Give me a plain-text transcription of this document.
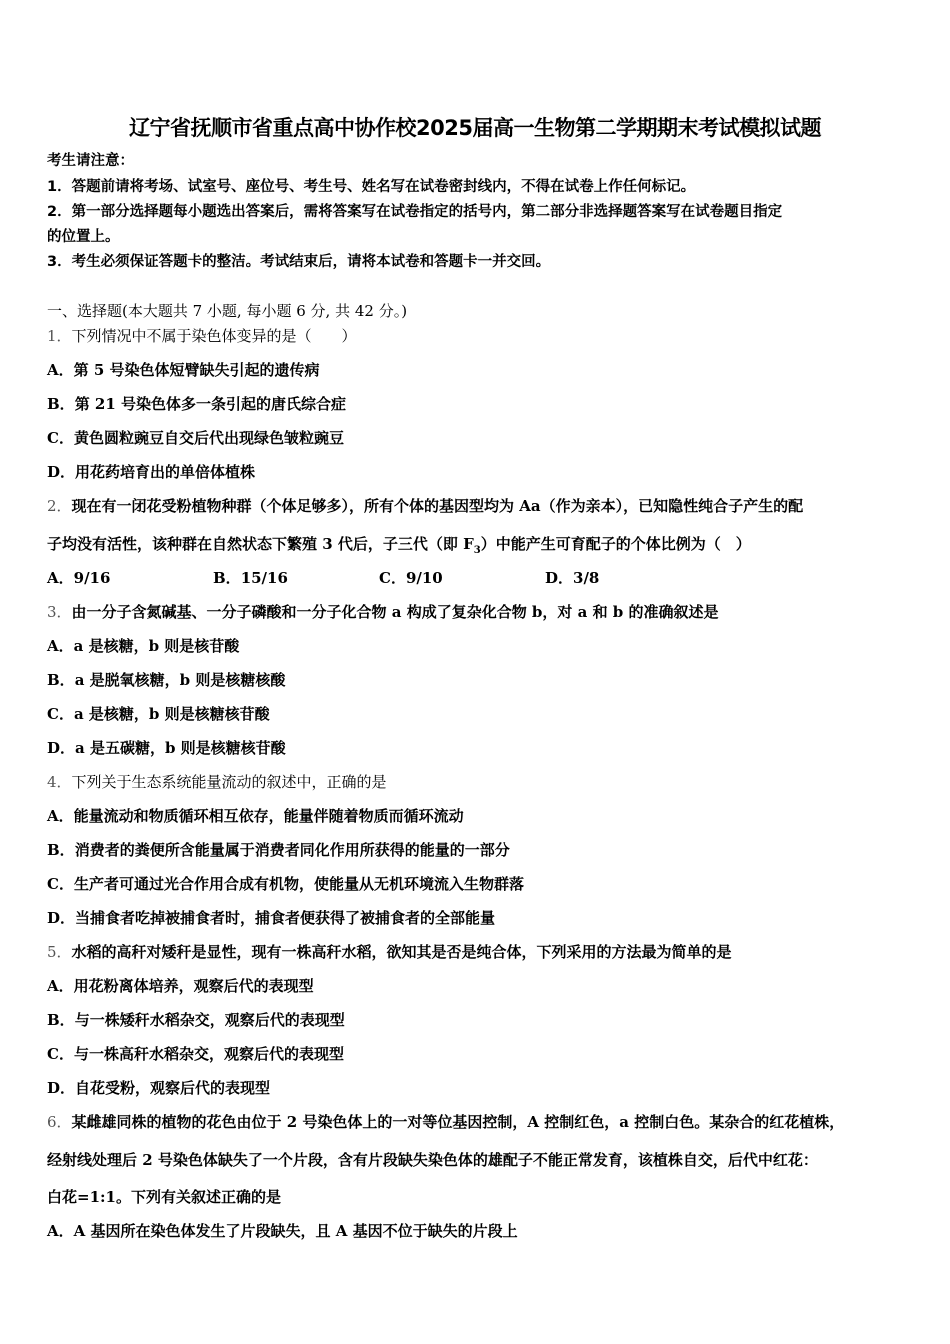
辽宁省抚顺市省重点高中协作校2025届高一生物第二学期期末考试模拟试题
考生请注意：
1．答题前请将考场、试室号、座位号、考生号、姓名写在试卷密封线内，不得在试卷上作任何标记。
2．第一部分选择题每小题选出答案后，需将答案写在试卷指定的括号内，第二部分非选择题答案写在试卷题目指定
的位置上。
3．考生必须保证答题卡的整洁。考试结束后，请将本试卷和答题卡一并交回。
一、选择题(本大题共 7 小题, 每小题 6 分, 共 42 分。)
1．下列情况中不属于染色体变异的是（　　）
A．第 5 号染色体短臂缺失引起的遗传病
B．第 21 号染色体多一条引起的唐氏综合症
C．黄色圆粒豌豆自交后代出现绿色皱粒豌豆
D．用花药培育出的单倍体植株
2．现在有一闭花受粉植物种群（个体足够多），所有个体的基因型均为 Aa（作为亲本），已知隐性纯合子产生的配
子均没有活性，该种群在自然状态下繁殖 3 代后，子三代（即 $F_3$）中能产生可育配子的个体比例为（　）
A．9/16	B．15/16	C．9/10	D．3/8
3．由一分子含氮碱基、一分子磷酸和一分子化合物 a 构成了复杂化合物 b，对 a 和 b 的准确叙述是
A．a 是核糖，b 则是核苷酸
B．a 是脱氧核糖，b 则是核糖核酸
C．a 是核糖，b 则是核糖核苷酸
D．a 是五碳糖，b 则是核糖核苷酸
4．下列关于生态系统能量流动的叙述中，正确的是
A．能量流动和物质循环相互依存，能量伴随着物质而循环流动
B．消费者的粪便所含能量属于消费者同化作用所获得的能量的一部分
C．生产者可通过光合作用合成有机物，使能量从无机环境流入生物群落
D．当捕食者吃掉被捕食者时，捕食者便获得了被捕食者的全部能量
5．水稻的高秆对矮秆是显性，现有一株高秆水稻，欲知其是否是纯合体，下列采用的方法最为简单的是
A．用花粉离体培养，观察后代的表现型
B．与一株矮秆水稻杂交，观察后代的表现型
C．与一株高秆水稻杂交，观察后代的表现型
D．自花受粉，观察后代的表现型
6．某雌雄同株的植物的花色由位于 2 号染色体上的一对等位基因控制，A 控制红色，a 控制白色。某杂合的红花植株，
经射线处理后 2 号染色体缺失了一个片段，含有片段缺失染色体的雄配子不能正常发育，该植株自交，后代中红花：
白花=1:1。下列有关叙述正确的是
A．A 基因所在染色体发生了片段缺失，且 A 基因不位于缺失的片段上
